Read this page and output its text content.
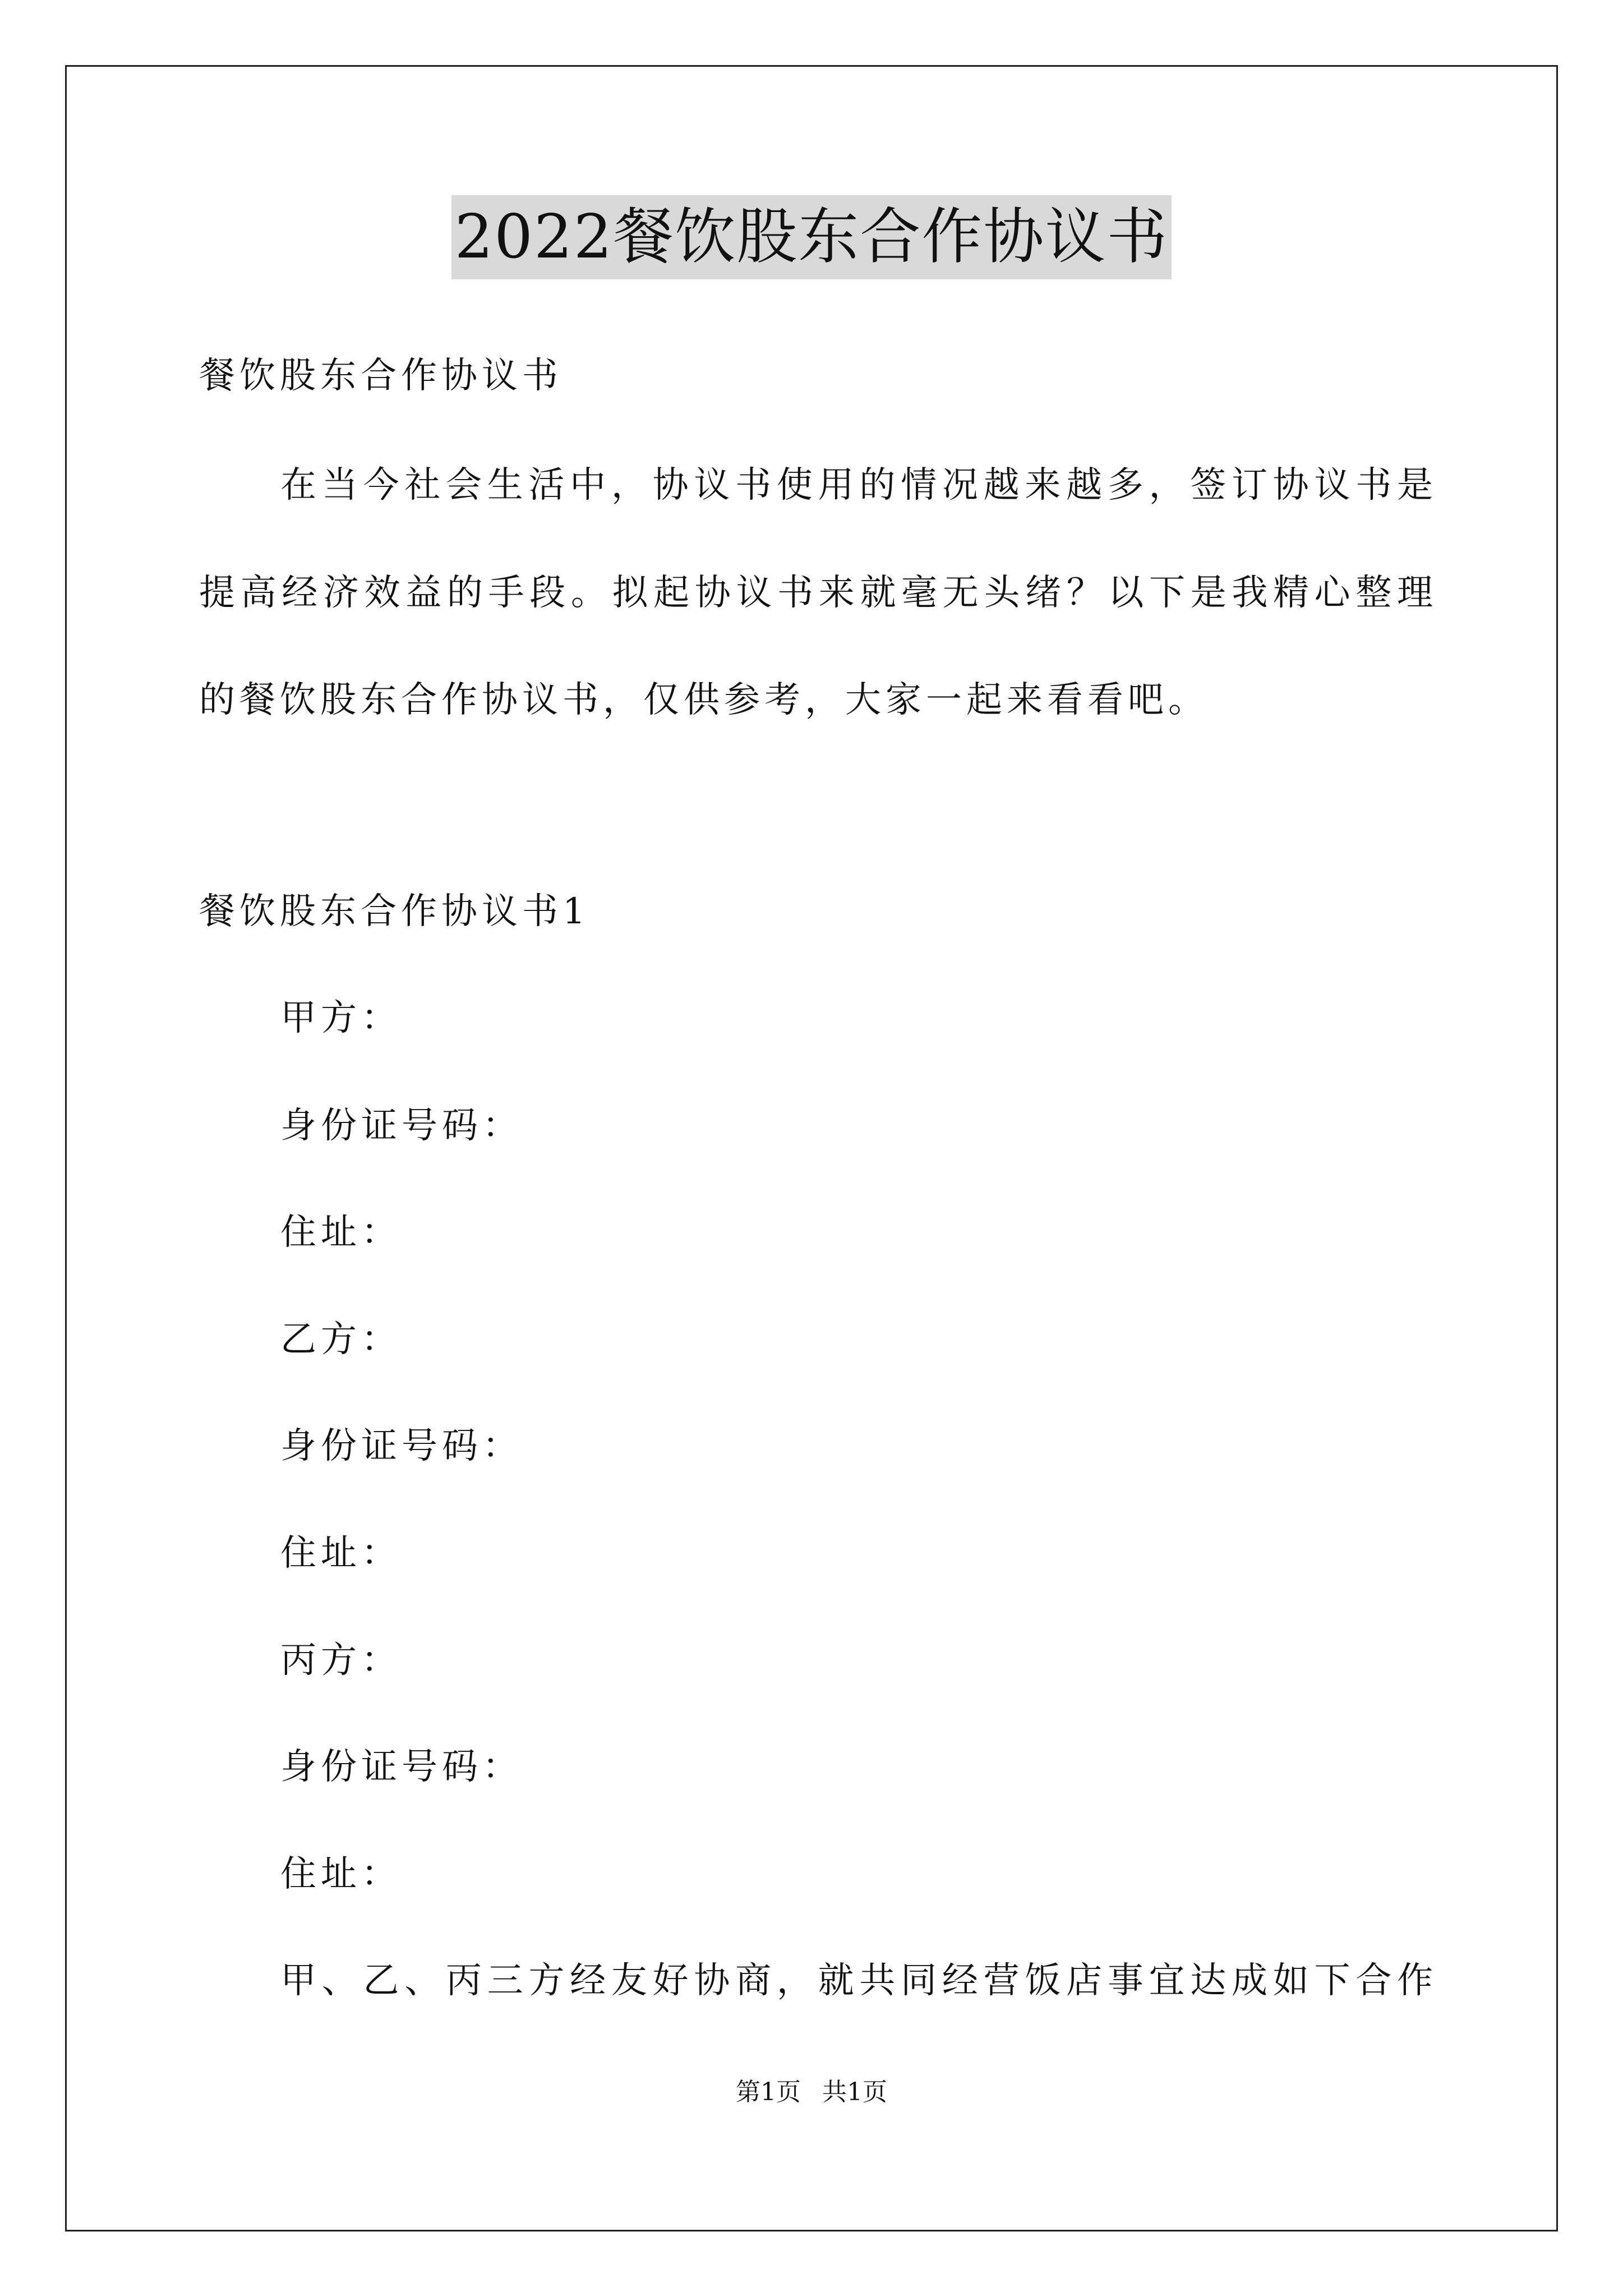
2022餐饮股东合作协议书
餐饮股东合作协议书
在当今社会生活中，协议书使用的情况越来越多，签订协议书是
提高经济效益的手段。拟起协议书来就毫无头绪？以下是我精心整理
的餐饮股东合作协议书，仅供参考，大家一起来看看吧。
餐饮股东合作协议书1
甲方：
身份证号码：
住址：
乙方：
身份证号码：
住址：
丙方：
身份证号码：
住址：
甲、乙、丙三方经友好协商，就共同经营饭店事宜达成如下合作
第1页 共1页
